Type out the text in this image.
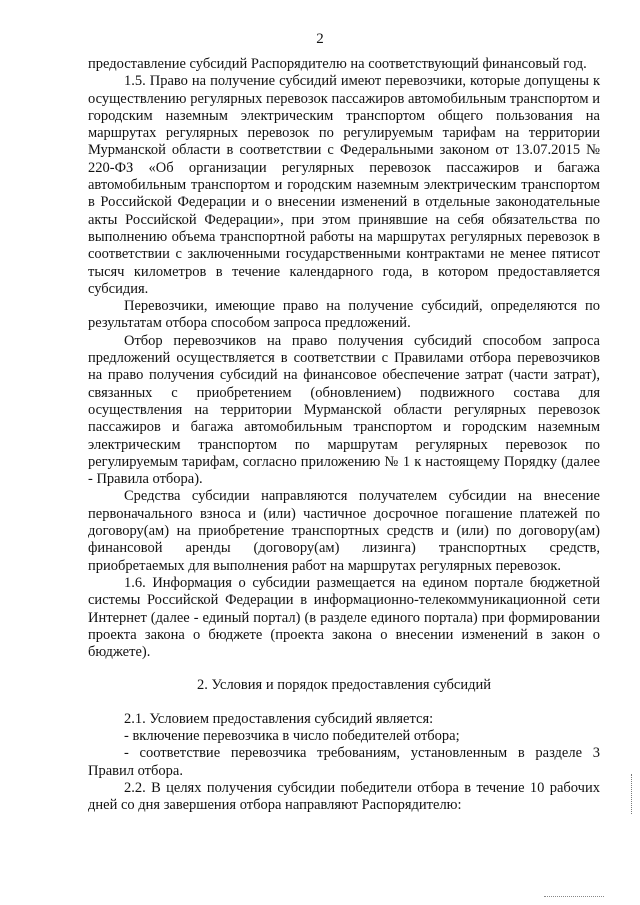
2

предоставление субсидий Распорядителю на соответствующий финансовый год.

1.5. Право на получение субсидий имеют перевозчики, которые допущены к осуществлению регулярных перевозок пассажиров автомобильным транспортом и городским наземным электрическим транспортом общего пользования на маршрутах регулярных перевозок по регулируемым тарифам на территории Мурманской области в соответствии с Федеральными законом от 13.07.2015 № 220-ФЗ «Об организации регулярных перевозок пассажиров и багажа автомобильным транспортом и городским наземным электрическим транспортом в Российской Федерации и о внесении изменений в отдельные законодательные акты Российской Федерации», при этом принявшие на себя обязательства по выполнению объема транспортной работы на маршрутах регулярных перевозок в соответствии с заключенными государственными контрактами не менее пятисот тысяч километров в течение календарного года, в котором предоставляется субсидия.

Перевозчики, имеющие право на получение субсидий, определяются по результатам отбора способом запроса предложений.

Отбор перевозчиков на право получения субсидий способом запроса предложений осуществляется в соответствии с Правилами отбора перевозчиков на право получения субсидий на финансовое обеспечение затрат (части затрат), связанных с приобретением (обновлением) подвижного состава для осуществления на территории Мурманской области регулярных перевозок пассажиров и багажа автомобильным транспортом и городским наземным электрическим транспортом по маршрутам регулярных перевозок по регулируемым тарифам, согласно приложению № 1 к настоящему Порядку (далее - Правила отбора).

Средства субсидии направляются получателем субсидии на внесение первоначального взноса и (или) частичное досрочное погашение платежей по договору(ам) на приобретение транспортных средств и (или) по договору(ам) финансовой аренды (договору(ам) лизинга) транспортных средств, приобретаемых для выполнения работ на маршрутах регулярных перевозок.

1.6. Информация о субсидии размещается на едином портале бюджетной системы Российской Федерации в информационно-телекоммуникационной сети Интернет (далее - единый портал) (в разделе единого портала) при формировании проекта закона о бюджете (проекта закона о внесении изменений в закон о бюджете).

2. Условия и порядок предоставления субсидий

2.1. Условием предоставления субсидий является:

- включение перевозчика в число победителей отбора;

- соответствие перевозчика требованиям, установленным в разделе 3 Правил отбора.

2.2. В целях получения субсидии победители отбора в течение 10 рабочих дней со дня завершения отбора направляют Распорядителю:
